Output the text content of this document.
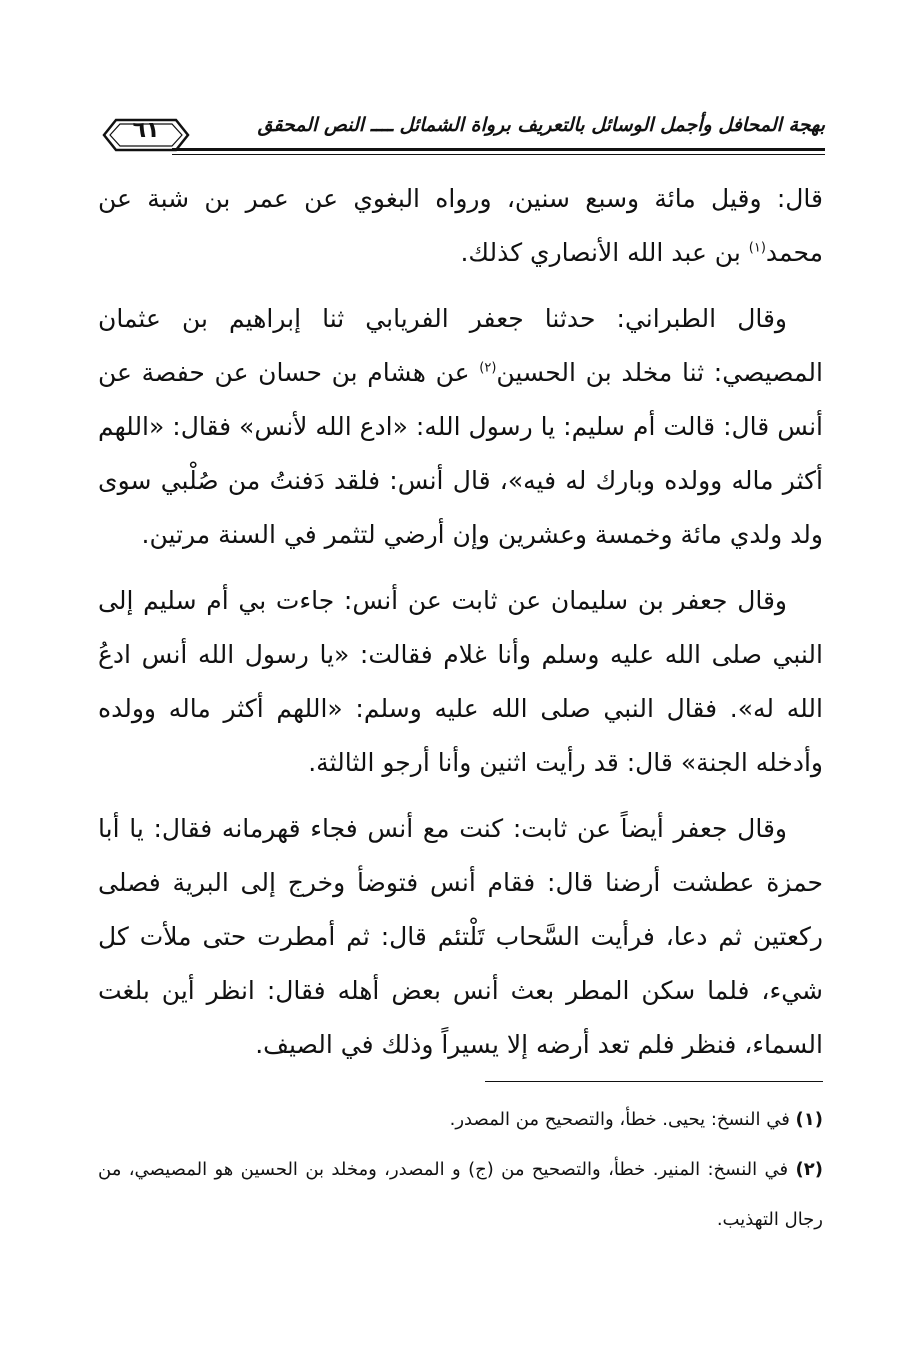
بهجة المحافل وأجمل الوسائل بالتعريف برواة الشمائل ــــ النص المحقق
٦١

قال: وقيل مائة وسبع سنين، ورواه البغوي عن عمر بن شبة عن محمد$^{(١)}$ بن عبد الله الأنصاري كذلك.

وقال الطبراني: حدثنا جعفر الفريابي ثنا إبراهيم بن عثمان المصيصي: ثنا مخلد بن الحسين$^{(٢)}$ عن هشام بن حسان عن حفصة عن أنس قال: قالت أم سليم: يا رسول الله: «ادع الله لأنس» فقال: «اللهم أكثر ماله وولده وبارك له فيه»، قال أنس: فلقد دَفنتُ من صُلْبي سوى ولد ولدي مائة وخمسة وعشرين وإن أرضي لتثمر في السنة مرتين.

وقال جعفر بن سليمان عن ثابت عن أنس: جاءت بي أم سليم إلى النبي صلى الله عليه وسلم وأنا غلام فقالت: «يا رسول الله أنس ادعُ الله له». فقال النبي صلى الله عليه وسلم: «اللهم أكثر ماله وولده وأدخله الجنة» قال: قد رأيت اثنين وأنا أرجو الثالثة.

وقال جعفر أيضاً عن ثابت: كنت مع أنس فجاء قهرمانه فقال: يا أبا حمزة عطشت أرضنا قال: فقام أنس فتوضأ وخرج إلى البرية فصلى ركعتين ثم دعا، فرأيت السَّحاب تَلْتئم قال: ثم أمطرت حتى ملأت كل شيء، فلما سكن المطر بعث أنس بعض أهله فقال: انظر أين بلغت السماء، فنظر فلم تعد أرضه إلا يسيراً وذلك في الصيف.

(١) في النسخ: يحيى. خطأ، والتصحيح من المصدر.

(٢) في النسخ: المنير. خطأ، والتصحيح من (ج) و المصدر، ومخلد بن الحسين هو المصيصي، من رجال التهذيب.
